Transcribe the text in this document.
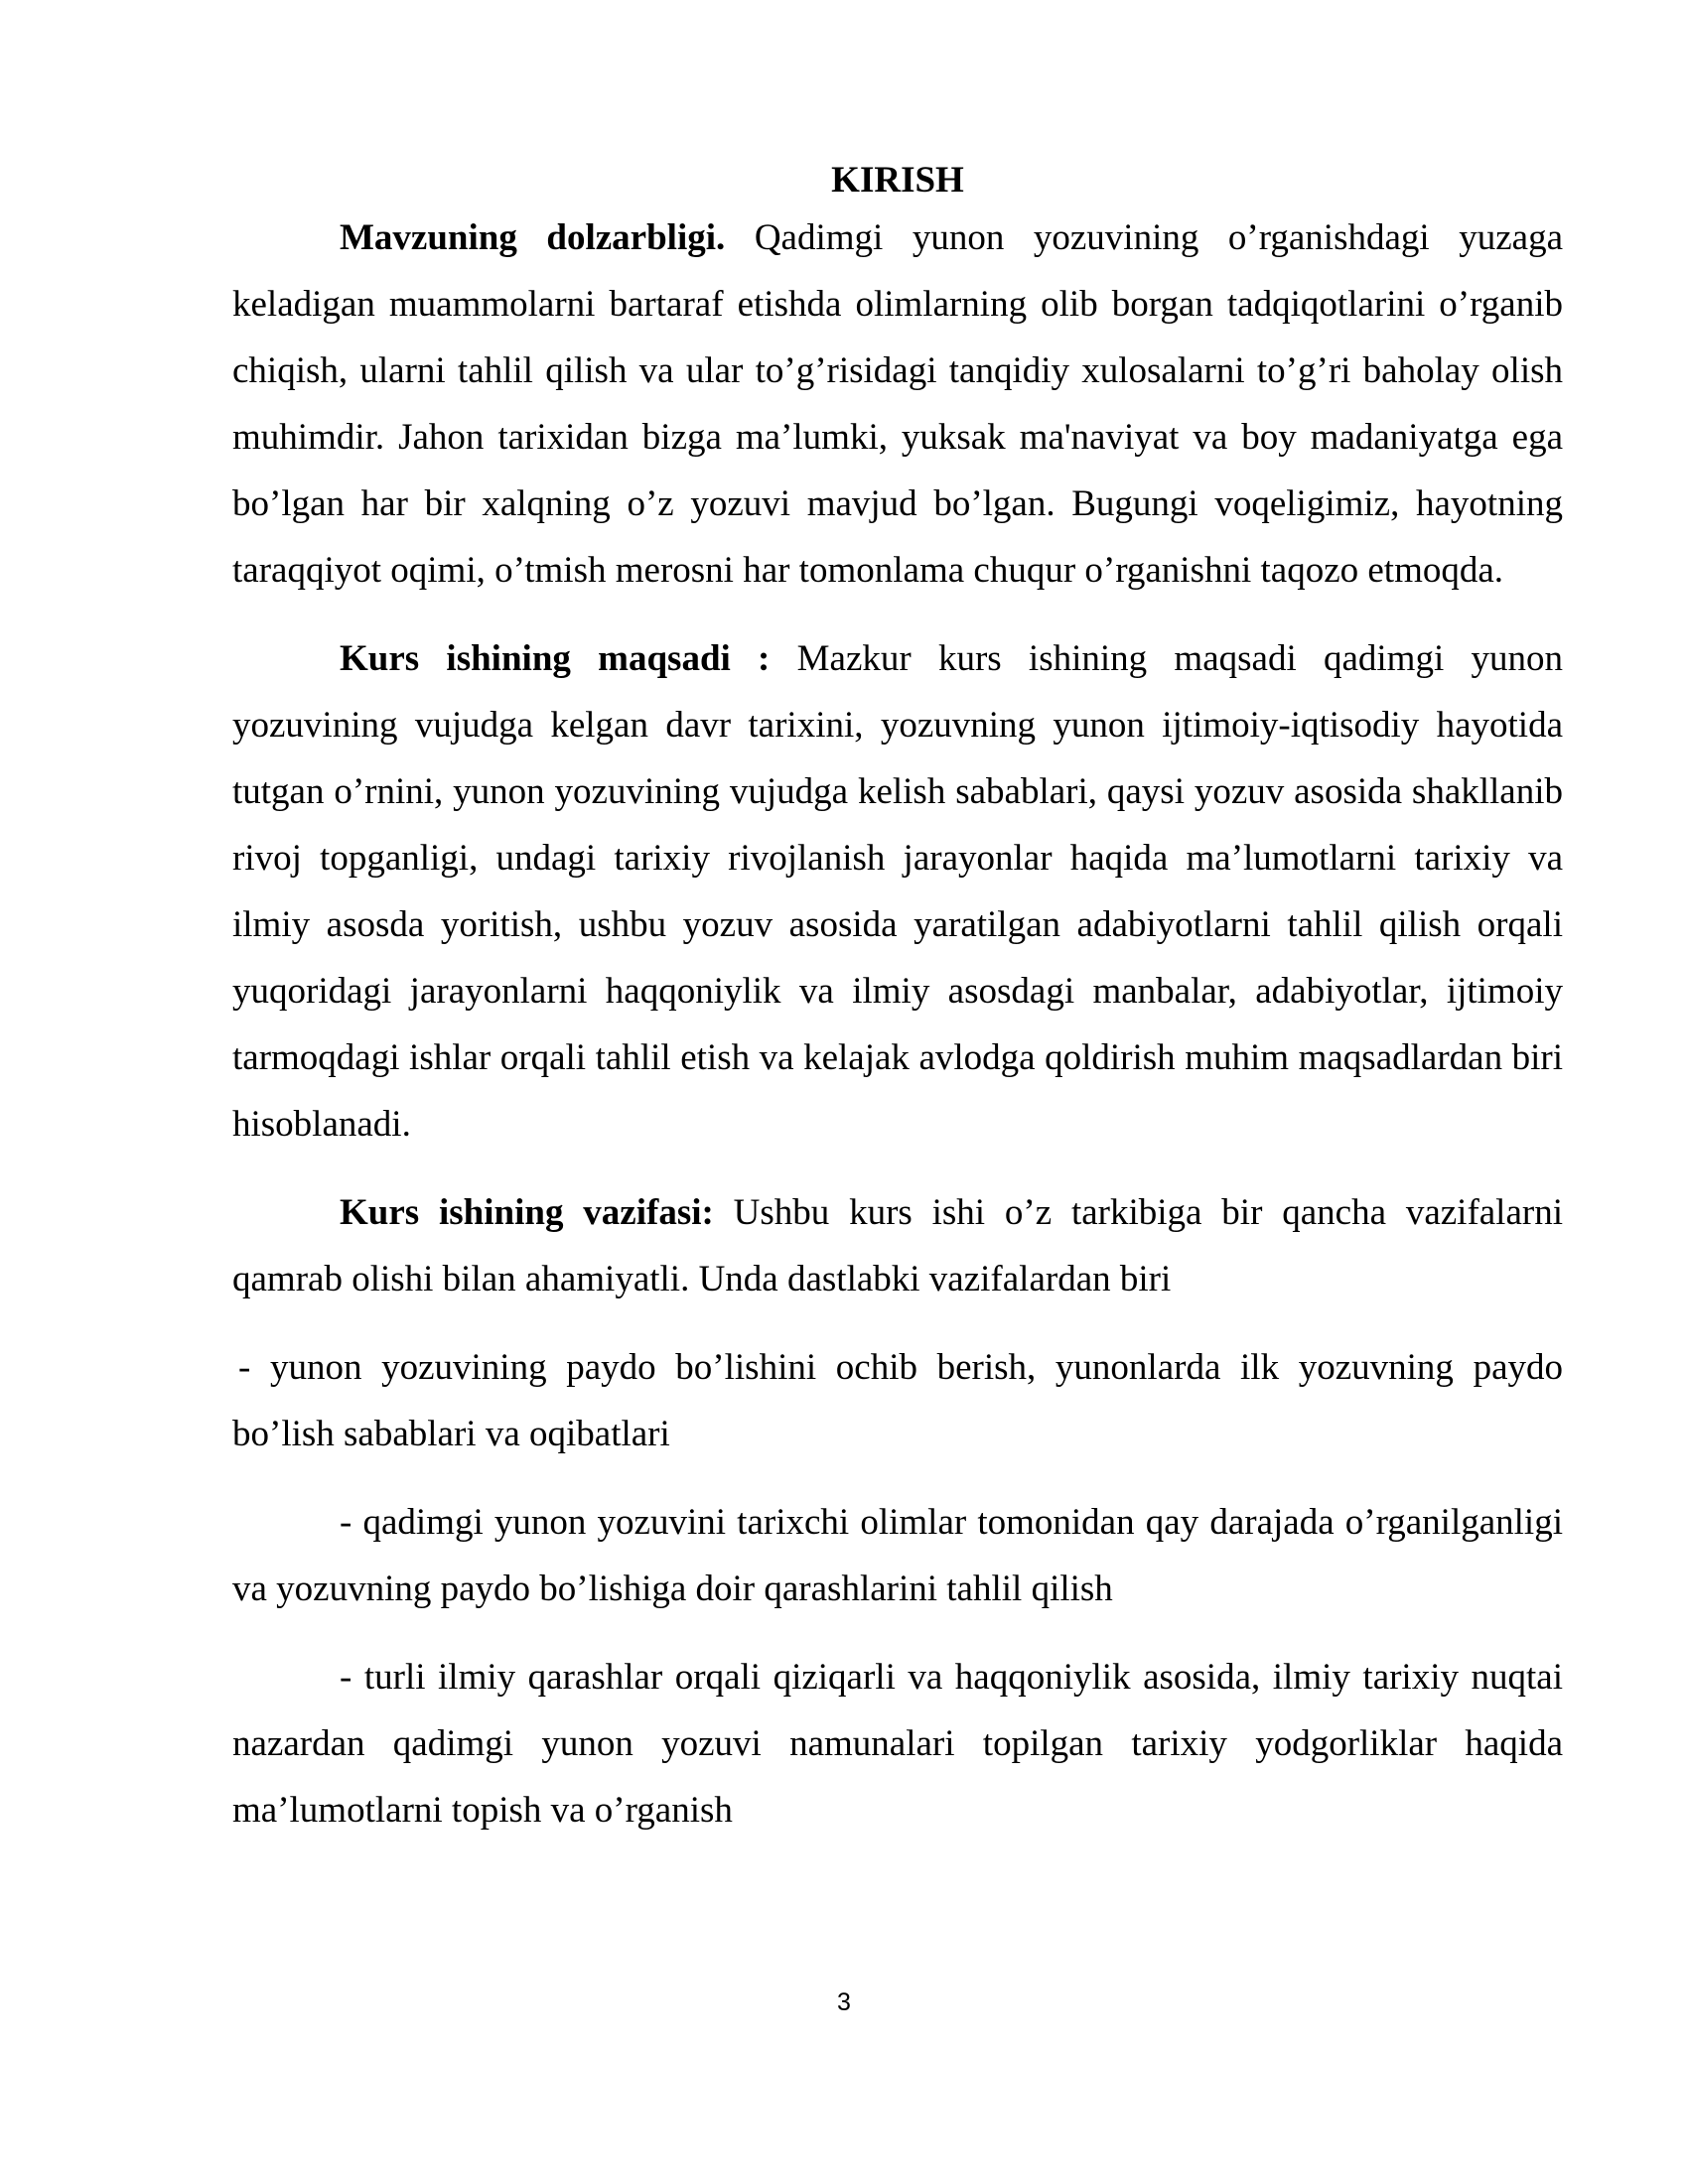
KIRISH

Mavzuning dolzarbligi. Qadimgi yunon yozuvining o’rganishdagi yuzaga keladigan muammolarni bartaraf etishda olimlarning olib borgan tadqiqotlarini o’rganib chiqish, ularni tahlil qilish va ular to’g’risidagi tanqidiy xulosalarni to’g’ri baholay olish muhimdir. Jahon tarixidan bizga ma’lumki, yuksak ma'naviyat va boy madaniyatga ega bo’lgan har bir xalqning o’z yozuvi mavjud bo’lgan. Bugungi voqeligimiz, hayotning taraqqiyot oqimi, o’tmish merosni har tomonlama chuqur o’rganishni taqozo etmoqda.

Kurs ishining maqsadi : Mazkur kurs ishining maqsadi qadimgi yunon yozuvining vujudga kelgan davr tarixini, yozuvning yunon ijtimoiy-iqtisodiy hayotida tutgan o’rnini, yunon yozuvining vujudga kelish sabablari, qaysi yozuv asosida shakllanib rivoj topganligi, undagi tarixiy rivojlanish jarayonlar haqida ma’lumotlarni tarixiy va ilmiy asosda yoritish, ushbu yozuv asosida yaratilgan adabiyotlarni tahlil qilish orqali yuqoridagi jarayonlarni haqqoniylik va ilmiy asosdagi manbalar, adabiyotlar, ijtimoiy tarmoqdagi ishlar orqali tahlil etish va kelajak avlodga qoldirish muhim maqsadlardan biri hisoblanadi.

Kurs ishining vazifasi: Ushbu kurs ishi o’z tarkibiga bir qancha vazifalarni qamrab olishi bilan ahamiyatli. Unda dastlabki vazifalardan biri

- yunon yozuvining paydo bo’lishini ochib berish, yunonlarda ilk yozuvning paydo bo’lish sabablari va oqibatlari

- qadimgi yunon yozuvini tarixchi olimlar tomonidan qay darajada o’rganilganligi va yozuvning paydo bo’lishiga doir qarashlarini tahlil qilish

- turli ilmiy qarashlar orqali qiziqarli va haqqoniylik asosida, ilmiy tarixiy nuqtai nazardan qadimgi yunon yozuvi namunalari topilgan tarixiy yodgorliklar haqida ma’lumotlarni topish va o’rganish

3
